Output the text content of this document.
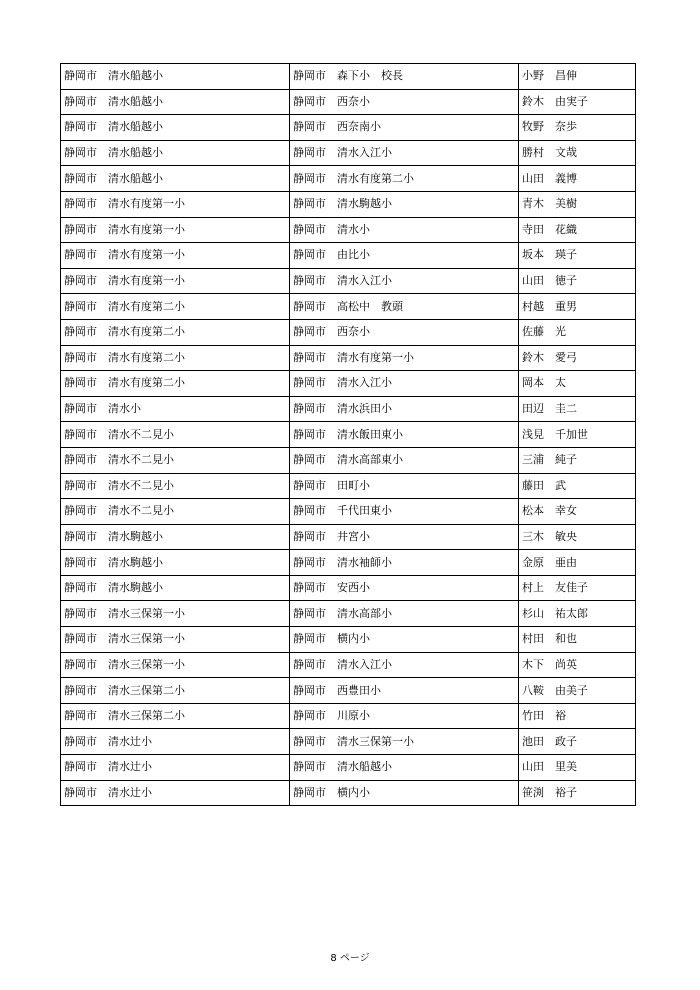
静岡市　清水船越小	静岡市　森下小　校長	小野　昌伸
静岡市　清水船越小	静岡市　西奈小	鈴木　由実子
静岡市　清水船越小	静岡市　西奈南小	牧野　奈歩
静岡市　清水船越小	静岡市　清水入江小	勝村　文哉
静岡市　清水船越小	静岡市　清水有度第二小	山田　義博
静岡市　清水有度第一小	静岡市　清水駒越小	青木　美樹
静岡市　清水有度第一小	静岡市　清水小	寺田　花織
静岡市　清水有度第一小	静岡市　由比小	坂本　瑛子
静岡市　清水有度第一小	静岡市　清水入江小	山田　徳子
静岡市　清水有度第二小	静岡市　高松中　教頭	村越　重男
静岡市　清水有度第二小	静岡市　西奈小	佐藤　光
静岡市　清水有度第二小	静岡市　清水有度第一小	鈴木　愛弓
静岡市　清水有度第二小	静岡市　清水入江小	岡本　太
静岡市　清水小	静岡市　清水浜田小	田辺　圭二
静岡市　清水不二見小	静岡市　清水飯田東小	浅見　千加世
静岡市　清水不二見小	静岡市　清水高部東小	三浦　純子
静岡市　清水不二見小	静岡市　田町小	藤田　武
静岡市　清水不二見小	静岡市　千代田東小	松本　幸女
静岡市　清水駒越小	静岡市　井宮小	三木　敏央
静岡市　清水駒越小	静岡市　清水袖師小	金原　亜由
静岡市　清水駒越小	静岡市　安西小	村上　友佳子
静岡市　清水三保第一小	静岡市　清水高部小	杉山　祐太郎
静岡市　清水三保第一小	静岡市　横内小	村田　和也
静岡市　清水三保第一小	静岡市　清水入江小	木下　尚英
静岡市　清水三保第二小	静岡市　西豊田小	八鞍　由美子
静岡市　清水三保第二小	静岡市　川原小	竹田　裕
静岡市　清水辻小	静岡市　清水三保第一小	池田　政子
静岡市　清水辻小	静岡市　清水船越小	山田　里美
静岡市　清水辻小	静岡市　横内小	笹渕　裕子
8 ページ
